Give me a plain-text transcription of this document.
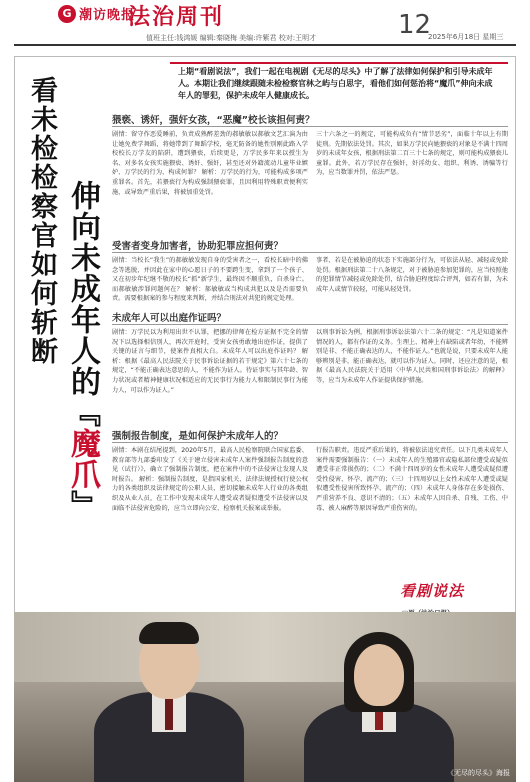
G 潮访晚报
法治周刊	12
值班主任:钱鸿媛 编辑:秦晓梅 美编:许紫君 校对:王明才	2025年6月18日 星期三
看未检检察官如何斩断 伸向未成年人的『魔爪』
上期“看剧说法”，我们一起在电视剧《无尽的尽头》中了解了法律如何保护和引导未成年人。本期让我们继续跟随未检检察官林之屿与白思宇，看他们如何惩治将“魔爪”伸向未成年人的罪犯，保护未成年人健康成长。
猥亵、诱奸，强奸女孩，“恶魔”校长该担何责？
剧情：留守作恶爱睡前，负责成熟醉差劲的郝敏敏以郝敏文艺汇演为由让她免费学舞蹈，将她带到了舞蹈学校，毫无防备的她性别刚此路入学校校长万学友的陷阱，遭到猥亵，后续更是，万学民多年来以授生为名、对多名女孩实施猥亵、诱奸、强奸，甚至还对外籍流动儿童毕业嫉妒、万学民的行为，构成何罪？ 解析：万学民的行为，可能构成多项严重罪名。首先，若猥亵行为构成强制猥亵罪，且因利用特殊职责便利实施，或导致严重后果，将被加重处罚。
三十六条之一的规定，可能构成负有“情节恶劣”，面临十年以上有期徒刑。先期依法处罚。其次，如果万学民向她猥亵的对象是不满十四周岁的未成年女孩，根据刑法第二百三十七条的规定，则可能构成猥亵儿童罪。此外，若万学民存在强奸，奸淫幼女、组织、利诱、诱骗等行为，应当数罪并罚，依法严惩。
受害者变身加害者，协助犯罪应担何责？
剧情：当校长“我生”的郝敏敏发现自身的受害者之一，看校长暗中的佛念等逃脱，并因此在家中的心愿日子的不要跨生变，拿到了一个孩子、又在初步年纪继不敬的校长“抓”新学生，最终因不顺重负，自杀身亡。而郝敏敏涉罪问题何在？ 解析：郝敏敏或当构成共犯以及是否需要负责。需要根据案的参与程度来判断，并结合刑法对共犯的规定处理。
事者、若是在被胁迫的状态下实施部分行为，可依法从轻、减轻或免除处罚。根据刑法第二十八条规定，对于被胁迫参加犯罪的，应当按照他的犯罪情节减轻或免除处罚，结合胁迫程度综合评判，如若有罪，为未成年人或情节较轻，可能从轻处罚。
未成年人可以出庭作证吗？
剧情：万学民以为利用出世不认罪，把挪的律师在检方证据不完全的情况下以选择相信别人，再次开庭时，受害女孩勇敢地出庭作证，提供了关键的证言与细节，使案件真相大白。未成年人可以出庭作证吗？ 解析：根据《最高人民法院关于民事诉讼证据的若干规定》第六十七条的规定，“不能正确表达意思的人，不能作为证人。待证事实与其年龄、智力状况或者精神健康状况相适应的无民事行为能力人和限制民事行为能力人，可以作为证人。”
以刑事诉讼为例，根据刑事诉讼法第六十二条的规定：“凡是知道案件情况的人，都有作证的义务。生理上、精神上有缺陷或者年幼，不能辨别是非、不能正确表达的人，不能作证人。”也就是说，只要未成年人能够辨别是非，能正确表达，就可以作为证人。同时，还应注意的是，根据《最高人民法院关于适用〈中华人民共和国刑事诉讼法〉的解释》等，应当为未成年人作证提供保护措施。
强制报告制度，是如何保护未成年人的？
剧情：本剧在结尾提到，2020年5月，最高人民检察院联合国家监委、教育部等九部委印发了《关于建立侵害未成年人案件强制报告制度的意见（试行）》，确立了强制报告制度，把在案件中的不法侵害让发现人及时报告。 解析：强制报告制度，是指国家机关、法律法规授权行使公权力的各类组织及法律规定的公职人员，密切接触未成年人行业的各类组织及从业人员，在工作中发现未成年人遭受或者疑似遭受不法侵害以及面临不法侵害危险的，应当立即向公安、检察机关报案或举报。
行报告职责。违反严重后果的，将被依法追究责任。以下几类未成年人案件需要强制报告：（一）未成年人的生殖器官或隐私部位遭受或疑似遭受非正常损伤的；（二）不满十四周岁的女性未成年人遭受或疑似遭受性侵害、怀孕、流产的；（三）十四周岁以上女性未成年人遭受或疑似遭受性侵害所致怀孕、流产的；（四）未成年人身体存在多处损伤、严重营养不良、意识不清的；（五）未成年人因自杀、自残、工伤、中毒、被人麻醉等原因导致严重伤害的。
看剧说法
《无尽的尽头》海报
